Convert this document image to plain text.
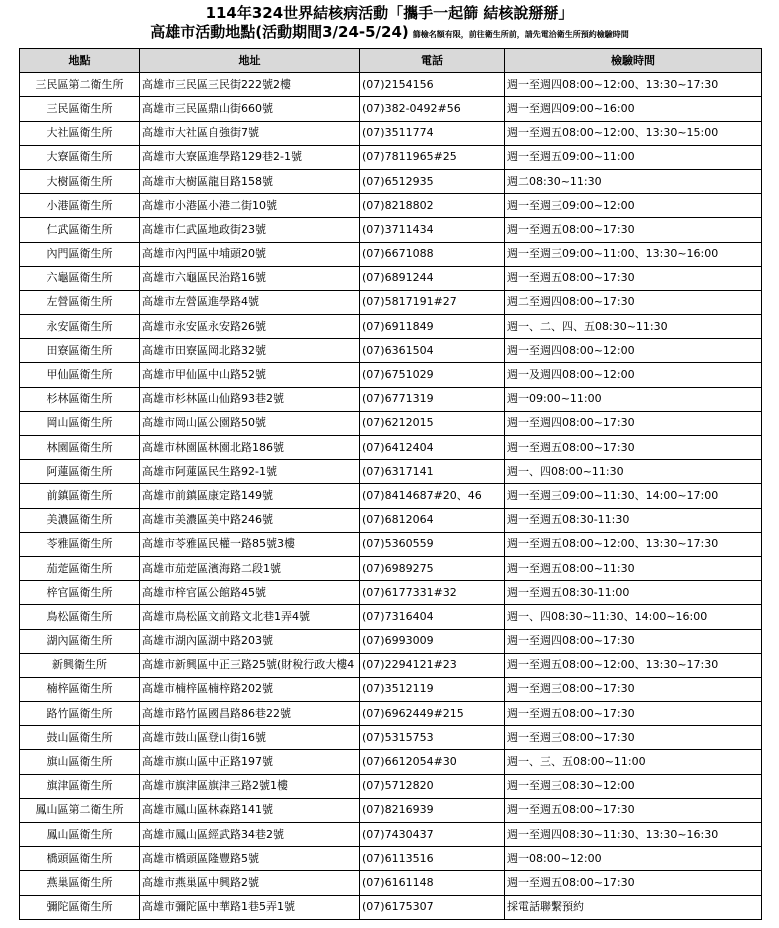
114年324世界結核病活動「攜手一起篩 結核說掰掰」
高雄市活動地點(活動期間3/24-5/24) 篩檢名額有限，前往衛生所前，請先電洽衛生所預約檢驗時間
地點	地址	電話	檢驗時間
三民區第二衛生所	高雄市三民區三民街222號2樓	(07)2154156	週一至週四08:00~12:00、13:30~17:30
三民區衛生所	高雄市三民區鼎山街660號	(07)382-0492#56	週一至週四09:00~16:00
大社區衛生所	高雄市大社區自強街7號	(07)3511774	週一至週五08:00~12:00、13:30~15:00
大寮區衛生所	高雄市大寮區進學路129巷2-1號	(07)7811965#25	週一至週五09:00~11:00
大樹區衛生所	高雄市大樹區龍目路158號	(07)6512935	週二08:30~11:30
小港區衛生所	高雄市小港區小港二街10號	(07)8218802	週一至週三09:00~12:00
仁武區衛生所	高雄市仁武區地政街23號	(07)3711434	週一至週五08:00~17:30
內門區衛生所	高雄市內門區中埔頭20號	(07)6671088	週一至週三09:00~11:00、13:30~16:00
六龜區衛生所	高雄市六龜區民治路16號	(07)6891244	週一至週五08:00~17:30
左營區衛生所	高雄市左營區進學路4號	(07)5817191#27	週二至週四08:00~17:30
永安區衛生所	高雄市永安區永安路26號	(07)6911849	週一、二、四、五08:30~11:30
田寮區衛生所	高雄市田寮區岡北路32號	(07)6361504	週一至週四08:00~12:00
甲仙區衛生所	高雄市甲仙區中山路52號	(07)6751029	週一及週四08:00~12:00
杉林區衛生所	高雄市杉林區山仙路93巷2號	(07)6771319	週一09:00~11:00
岡山區衛生所	高雄市岡山區公園路50號	(07)6212015	週一至週四08:00~17:30
林園區衛生所	高雄市林園區林園北路186號	(07)6412404	週一至週五08:00~17:30
阿蓮區衛生所	高雄市阿蓮區民生路92-1號	(07)6317141	週一、四08:00~11:30
前鎮區衛生所	高雄市前鎮區康定路149號	(07)8414687#20、46	週一至週三09:00~11:30、14:00~17:00
美濃區衛生所	高雄市美濃區美中路246號	(07)6812064	週一至週五08:30-11:30
苓雅區衛生所	高雄市苓雅區民權一路85號3樓	(07)5360559	週一至週五08:00~12:00、13:30~17:30
茄萣區衛生所	高雄市茄萣區濱海路二段1號	(07)6989275	週一至週五08:00~11:30
梓官區衛生所	高雄市梓官區公館路45號	(07)6177331#32	週一至週五08:30-11:00
鳥松區衛生所	高雄市鳥松區文前路文北巷1弄4號	(07)7316404	週一、四08:30~11:30、14:00~16:00
湖內區衛生所	高雄市湖內區湖中路203號	(07)6993009	週一至週四08:00~17:30
新興衛生所	高雄市新興區中正三路25號(財稅行政大樓4	(07)2294121#23	週一至週五08:00~12:00、13:30~17:30
楠梓區衛生所	高雄市楠梓區楠梓路202號	(07)3512119	週一至週三08:00~17:30
路竹區衛生所	高雄市路竹區國昌路86巷22號	(07)6962449#215	週一至週五08:00~17:30
鼓山區衛生所	高雄市鼓山區登山街16號	(07)5315753	週一至週三08:00~17:30
旗山區衛生所	高雄市旗山區中正路197號	(07)6612054#30	週一、三、五08:00~11:00
旗津區衛生所	高雄市旗津區旗津三路2號1樓	(07)5712820	週一至週三08:30~12:00
鳳山區第二衛生所	高雄市鳳山區林森路141號	(07)8216939	週一至週五08:00~17:30
鳳山區衛生所	高雄市鳳山區經武路34巷2號	(07)7430437	週一至週四08:30~11:30、13:30~16:30
橋頭區衛生所	高雄市橋頭區隆豐路5號	(07)6113516	週一08:00~12:00
燕巢區衛生所	高雄市燕巢區中興路2號	(07)6161148	週一至週五08:00~17:30
彌陀區衛生所	高雄市彌陀區中華路1巷5弄1號	(07)6175307	採電話聯繫預約
